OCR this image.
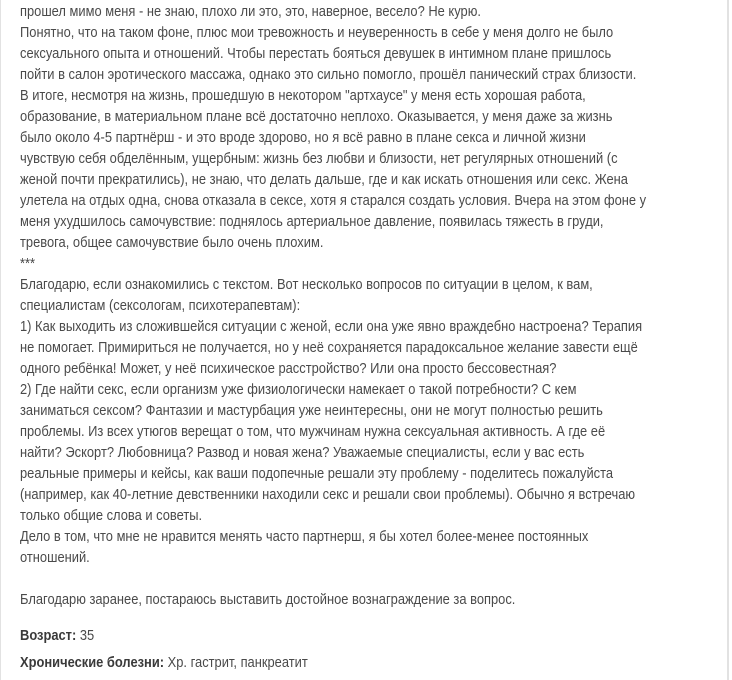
прошел мимо меня - не знаю, плохо ли это, это, наверное, весело? Не курю.
Понятно, что на таком фоне, плюс мои тревожность и неуверенность в себе у меня долго не было
сексуального опыта и отношений. Чтобы перестать бояться девушек в интимном плане пришлось
пойти в салон эротического массажа, однако это сильно помогло, прошёл панический страх близости.
В итоге, несмотря на жизнь, прошедшую в некотором "артхаусе" у меня есть хорошая работа,
образование, в материальном плане всё достаточно неплохо. Оказывается, у меня даже за жизнь
было около 4-5 партнёрш - и это вроде здорово, но я всё равно в плане секса и личной жизни
чувствую себя обделённым, ущербным: жизнь без любви и близости, нет регулярных отношений (с
женой почти прекратились), не знаю, что делать дальше, где и как искать отношения или секс. Жена
улетела на отдых одна, снова отказала в сексе, хотя я старался создать условия. Вчера на этом фоне у
меня ухудшилось самочувствие: поднялось артериальное давление, появилась тяжесть в груди,
тревога, общее самочувствие было очень плохим.
***
Благодарю, если ознакомились с текстом. Вот несколько вопросов по ситуации в целом, к вам,
специалистам (сексологам, психотерапевтам):
1) Как выходить из сложившейся ситуации с женой, если она уже явно враждебно настроена? Терапия
не помогает. Примириться не получается, но у неё сохраняется парадоксальное желание завести ещё
одного ребёнка! Может, у неё психическое расстройство? Или она просто бессовестная?
2) Где найти секс, если организм уже физиологически намекает о такой потребности? С кем
заниматься сексом? Фантазии и мастурбация уже неинтересны, они не могут полностью решить
проблемы. Из всех утюгов верещат о том, что мужчинам нужна сексуальная активность. А где её
найти? Эскорт? Любовница? Развод и новая жена? Уважаемые специалисты, если у вас есть
реальные примеры и кейсы, как ваши подопечные решали эту проблему - поделитесь пожалуйста
(например, как 40-летние девственники находили секс и решали свои проблемы). Обычно я встречаю
только общие слова и советы.
Дело в том, что мне не нравится менять часто партнерш, я бы хотел более-менее постоянных
отношений.
Благодарю заранее, постараюсь выставить достойное вознаграждение за вопрос.
Возраст: 35
Хронические болезни: Хр. гастрит, панкреатит
